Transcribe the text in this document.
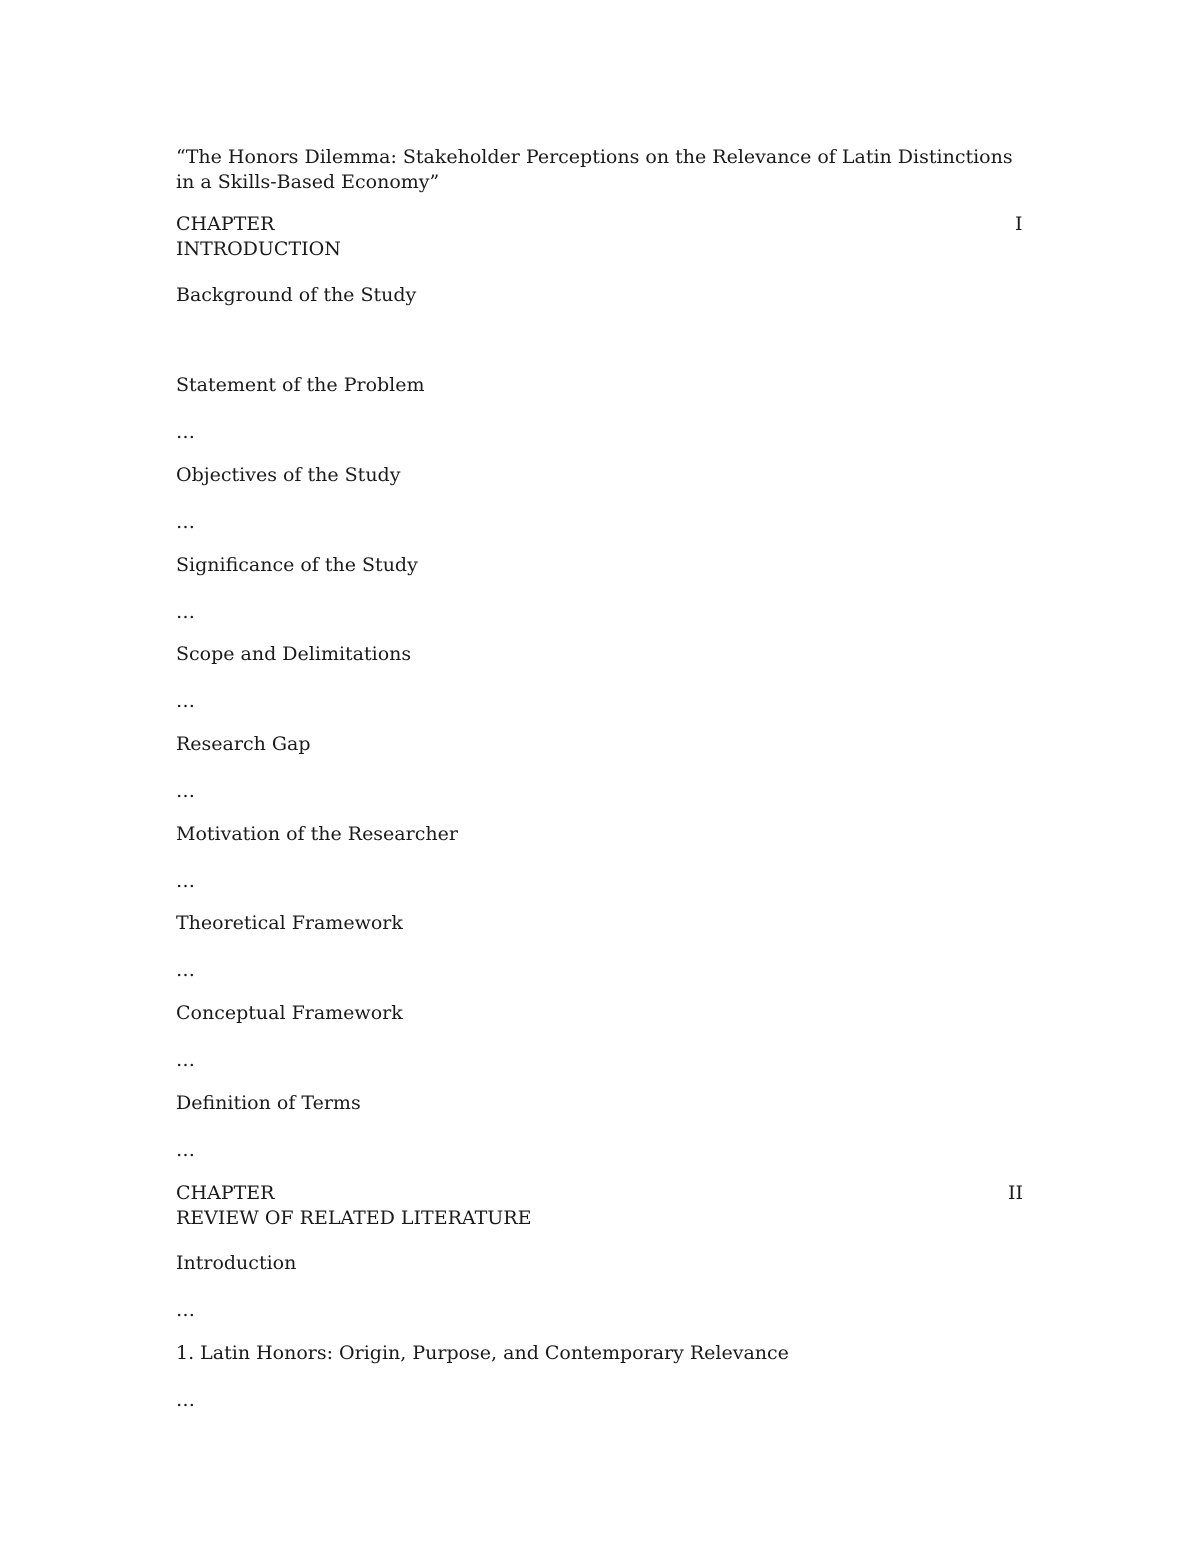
“The Honors Dilemma: Stakeholder Perceptions on the Relevance of Latin Distinctions in a Skills-Based Economy”
CHAPTER	I
INTRODUCTION
Background of the Study
Statement of the Problem
…
Objectives of the Study
…
Significance of the Study
…
Scope and Delimitations
…
Research Gap
…
Motivation of the Researcher
…
Theoretical Framework
…
Conceptual Framework
…
Definition of Terms
…
CHAPTER	II
REVIEW OF RELATED LITERATURE
Introduction
…
1. Latin Honors: Origin, Purpose, and Contemporary Relevance
…
